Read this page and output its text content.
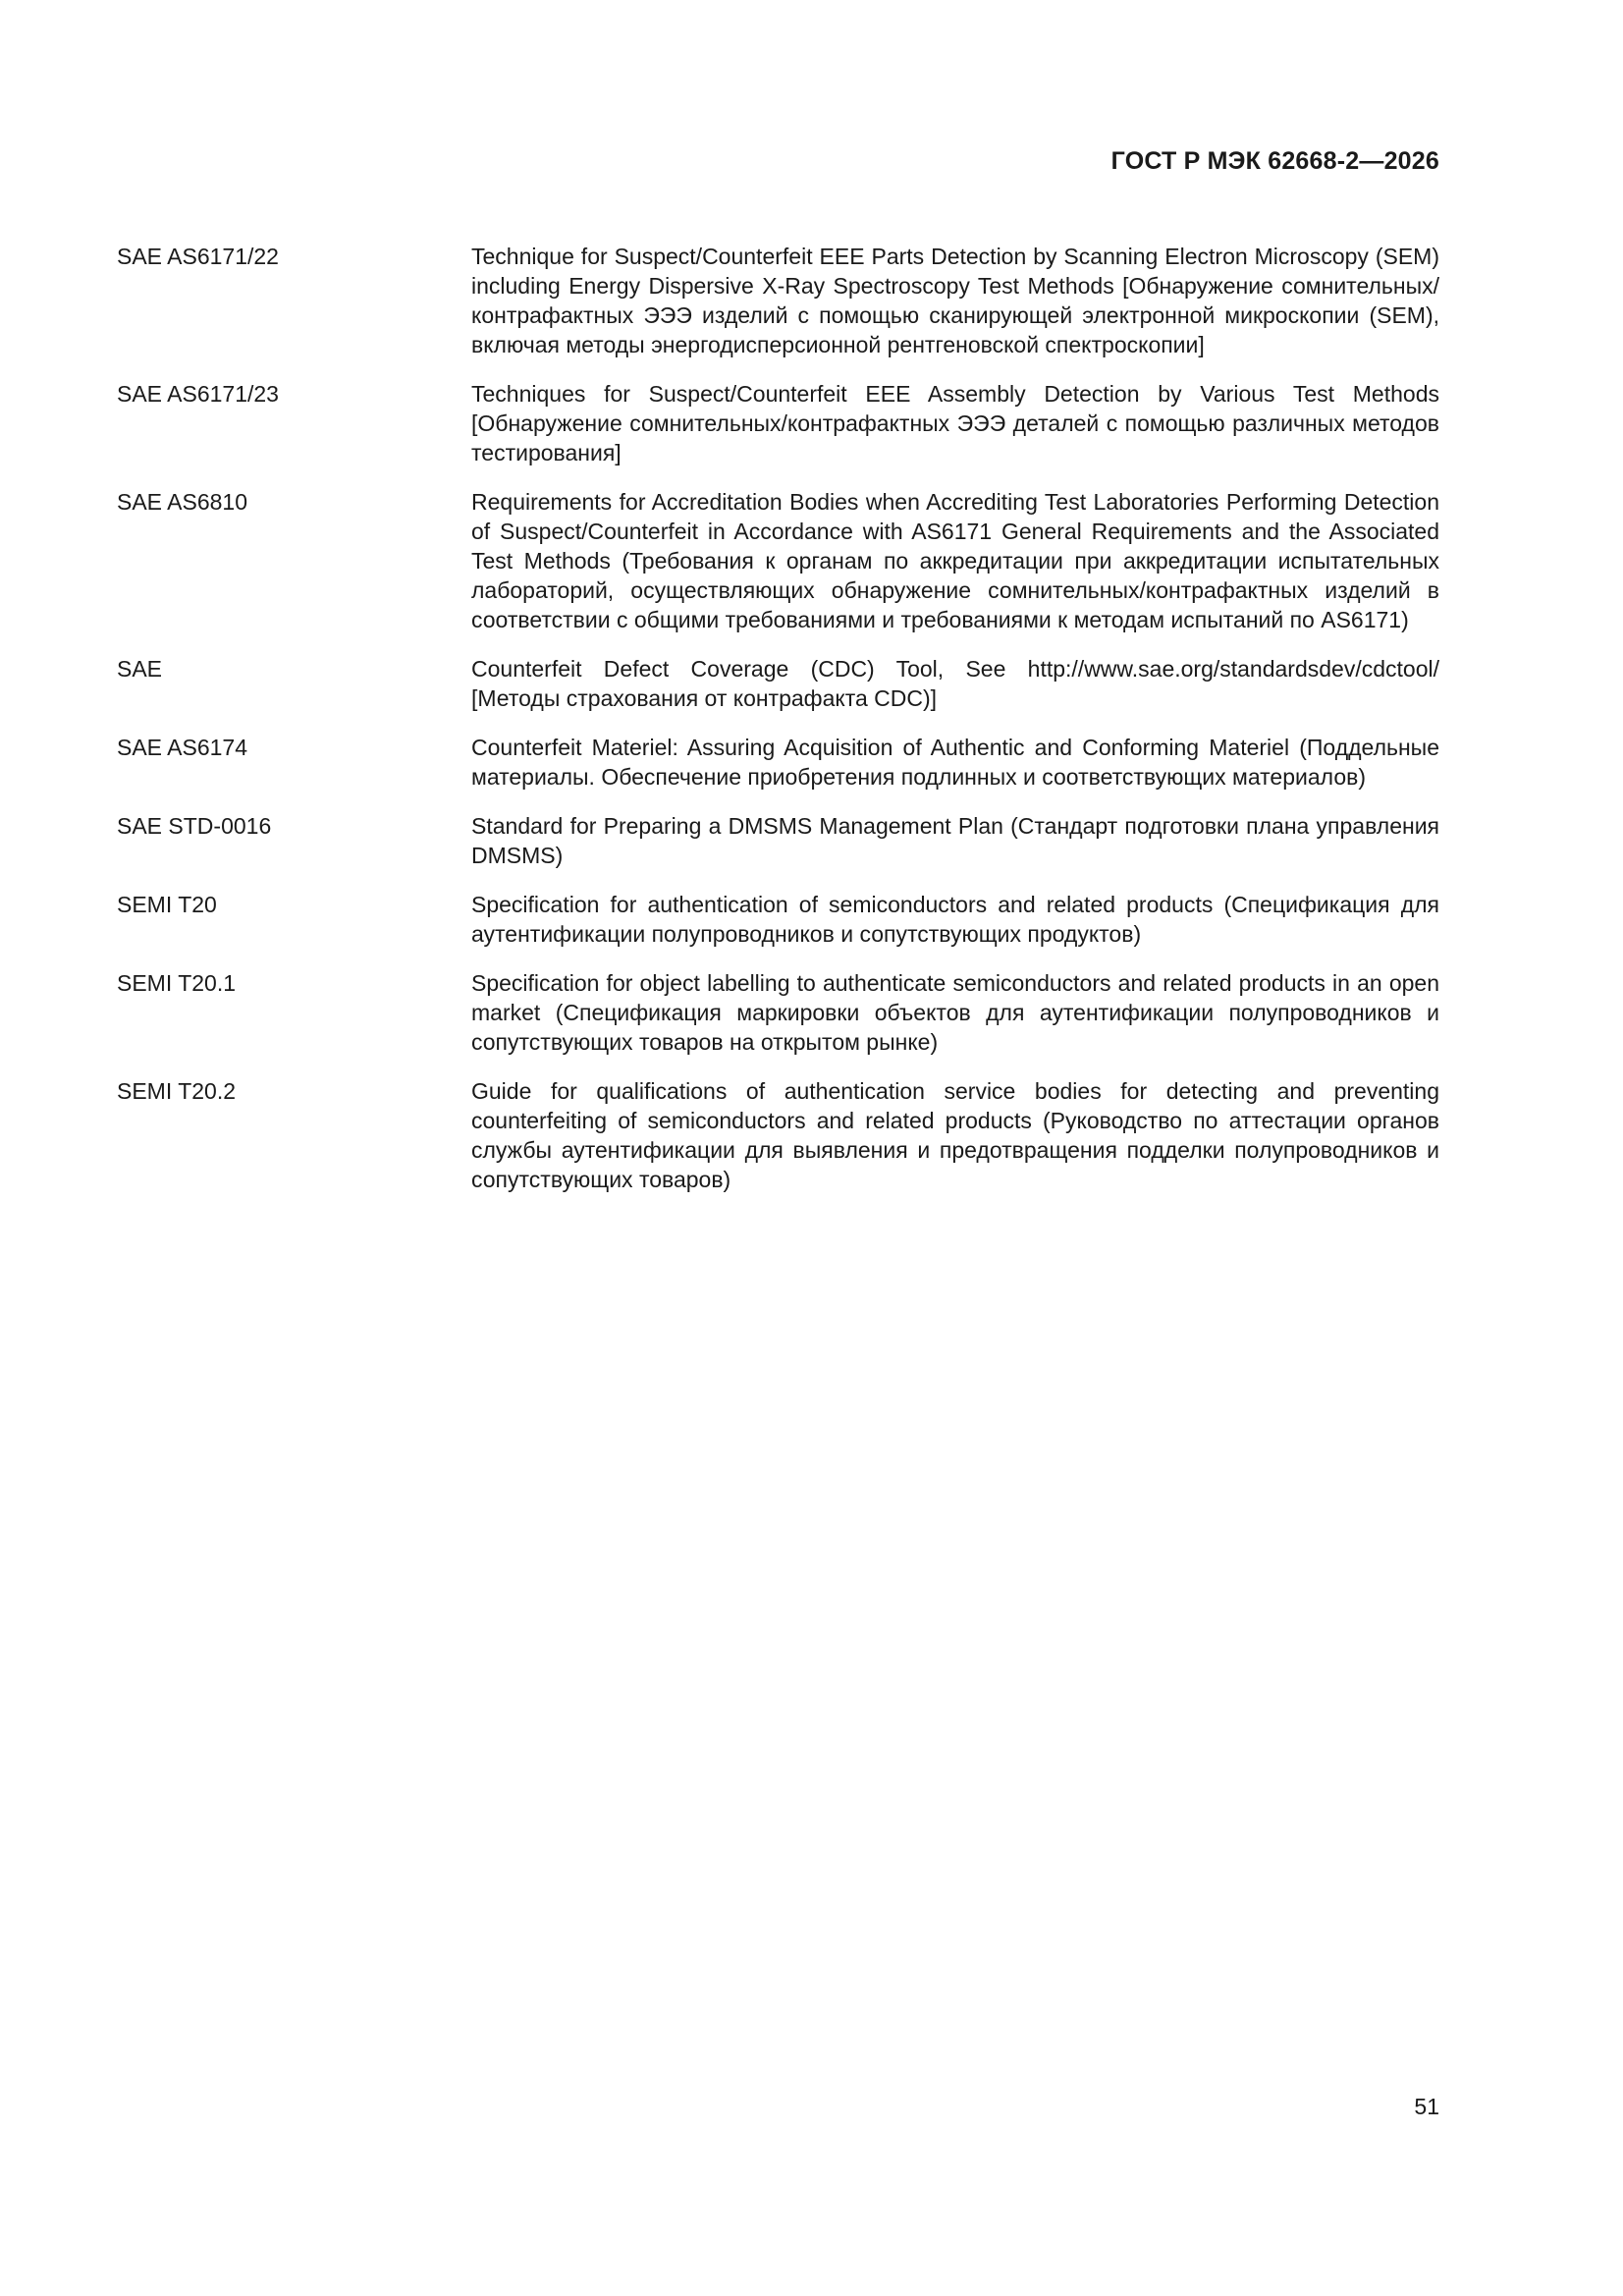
ГОСТ Р МЭК 62668-2—2026
SAE AS6171/22	Technique for Suspect/Counterfeit EEE Parts Detection by Scanning Electron Microscopy (SEM) including Energy Dispersive X-Ray Spectroscopy Test Methods [Обнаружение сомнительных/контрафактных ЭЭЭ изделий с помощью сканирующей электронной микроскопии (SEM), включая методы энергодисперсионной рентгеновской спектроскопии]
SAE AS6171/23	Techniques for Suspect/Counterfeit EEE Assembly Detection by Various Test Methods [Обнаружение сомнительных/контрафактных ЭЭЭ деталей с помощью различных методов тестирования]
SAE AS6810	Requirements for Accreditation Bodies when Accrediting Test Laboratories Performing Detection of Suspect/Counterfeit in Accordance with AS6171 General Requirements and the Associated Test Methods (Требования к органам по аккредитации при аккредитации испытательных лабораторий, осуществляющих обнаружение сомнительных/​контрафактных изделий в соответствии с общими требованиями и требованиями к методам испытаний по AS6171)
SAE	Counterfeit Defect Coverage (CDC) Tool, See http://www.sae.org/standardsdev/cdctool/ [Методы страхования от контрафакта CDC)]
SAE AS6174	Counterfeit Materiel: Assuring Acquisition of Authentic and Conforming Materiel (Поддельные материалы. Обеспечение приобретения подлинных и соответствующих материалов)
SAE STD-0016	Standard for Preparing a DMSMS Management Plan (Стандарт подготовки плана управления DMSMS)
SEMI T20	Specification for authentication of semiconductors and related products (Спецификация для аутентификации полупроводников и сопутствующих продуктов)
SEMI T20.1	Specification for object labelling to authenticate semiconductors and related products in an open market (Спецификация маркировки объектов для аутентификации полупроводников и сопутствующих товаров на открытом рынке)
SEMI T20.2	Guide for qualifications of authentication service bodies for detecting and preventing counterfeiting of semiconductors and related products (Руководство по аттестации органов службы аутентификации для выявления и предотвращения подделки полупроводников и сопутствующих товаров)
51
